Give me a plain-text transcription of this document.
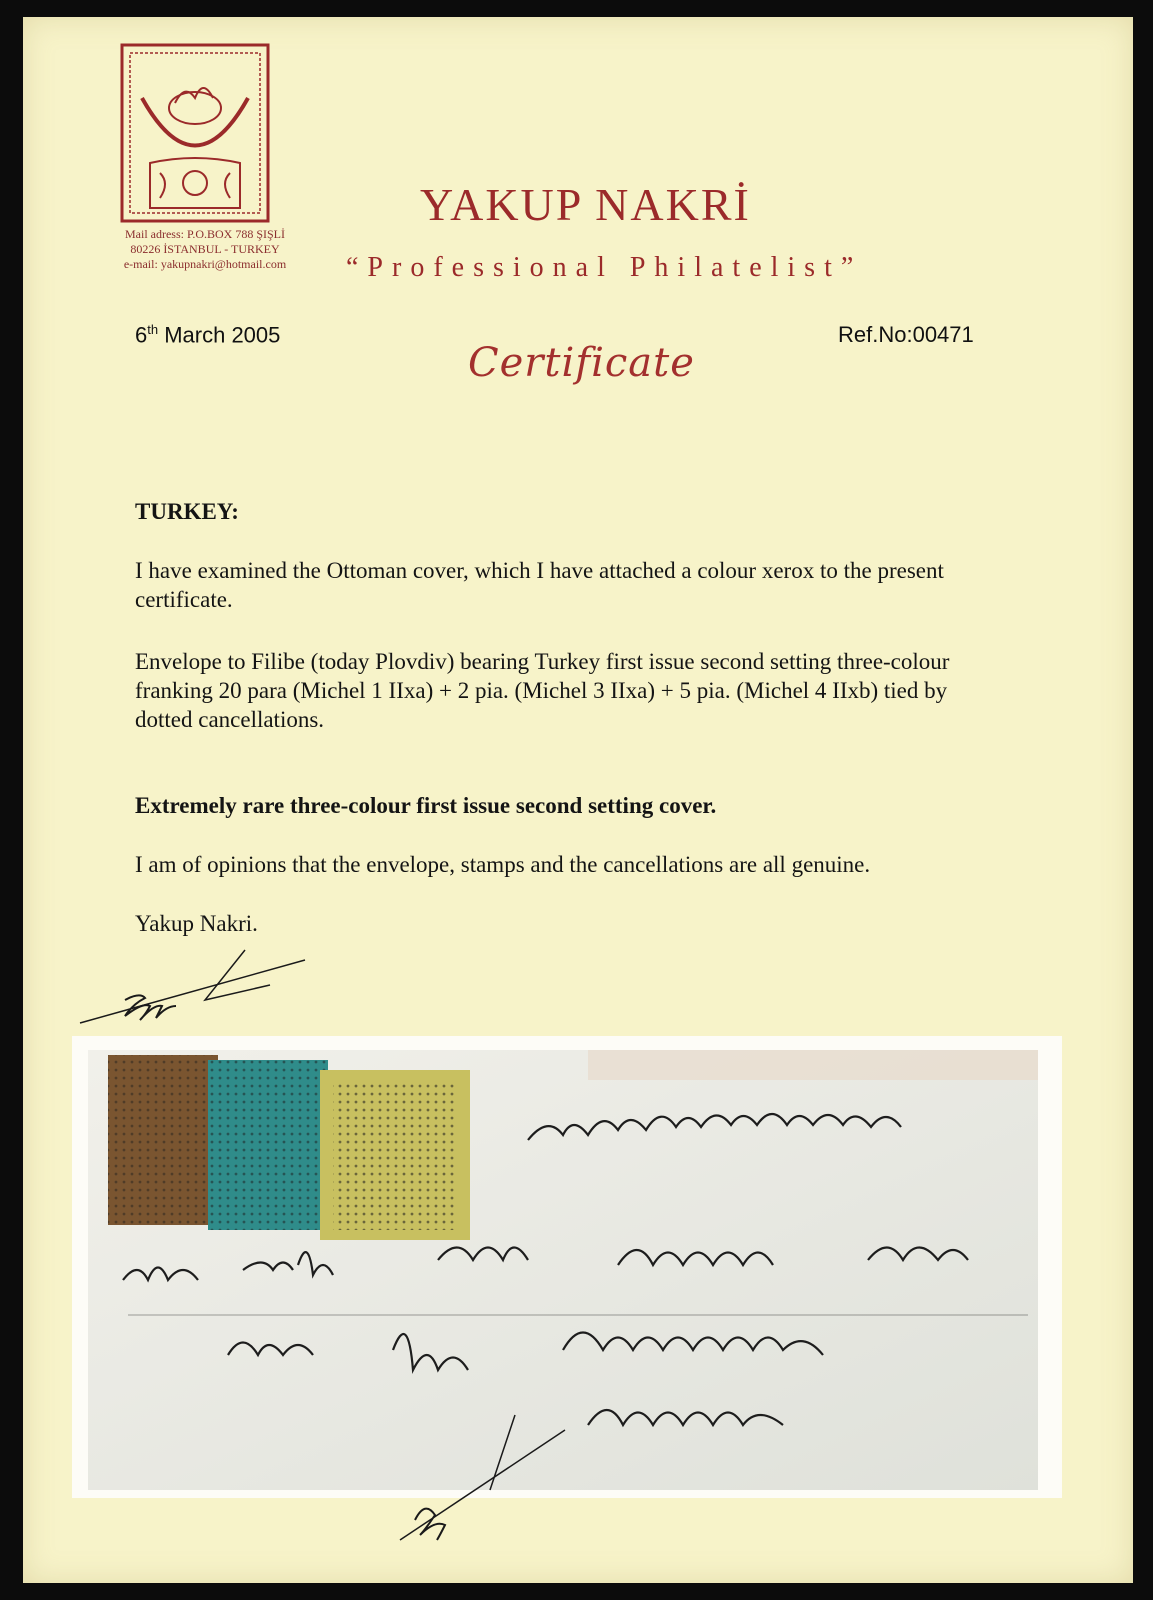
Mail adress: P.O.BOX 788 ŞIŞLİ
80226 İSTANBUL - TURKEY
e-mail: yakupnakri@hotmail.com
YAKUP NAKRİ
“Professional Philatelist”
6th March 2005	Ref.No:00471
Certificate
TURKEY:
I have examined the Ottoman cover, which I have attached a colour xerox to the present certificate.
Envelope to Filibe (today Plovdiv) bearing Turkey first issue second setting three-colour franking 20 para (Michel 1 IIxa) + 2 pia. (Michel 3 IIxa) + 5 pia. (Michel 4 IIxb) tied by dotted cancellations.
Extremely rare three-colour first issue second setting cover.
I am of opinions that the envelope, stamps and the cancellations are all genuine.
Yakup Nakri.
